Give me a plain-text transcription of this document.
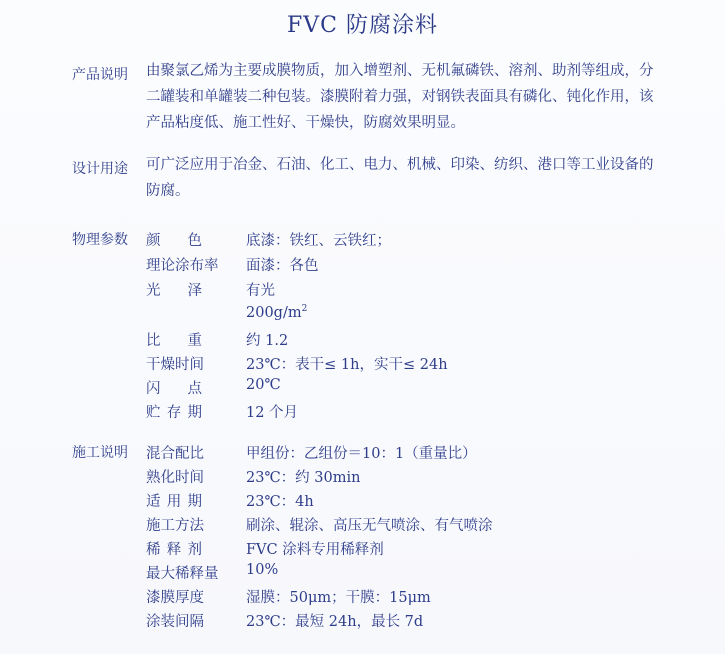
FVC 防腐涂料
产品说明 由聚氯乙烯为主要成膜物质，加入增塑剂、无机氟磷铁、溶剂、助剂等组成，分
二罐装和单罐装二种包装。漆膜附着力强，对钢铁表面具有磷化、钝化作用，该
产品粘度低、施工性好、干燥快，防腐效果明显。
设计用途 可广泛应用于冶金、石油、化工、电力、机械、印染、纺织、港口等工业设备的
防腐。
物理参数 颜 色	底漆：铁红、云铁红；
理论涂布率 面漆：各色
光 泽	有光
$200g/m^2$
比 重	约 1.2
干燥时间	23℃：表干≤ 1h，实干≤ 24h
闪 点	20℃
贮 存 期	12 个月
施工说明 混合配比	甲组份：乙组份＝10：1（重量比）
熟化时间	23℃：约 30min
适 用 期	23℃：4h
施工方法	刷涂、辊涂、高压无气喷涂、有气喷涂
稀 释 剂	FVC 涂料专用稀释剂
最大稀释量 10%
漆膜厚度	湿膜：50μm；干膜：15μm
涂装间隔	23℃：最短 24h，最长 7d
